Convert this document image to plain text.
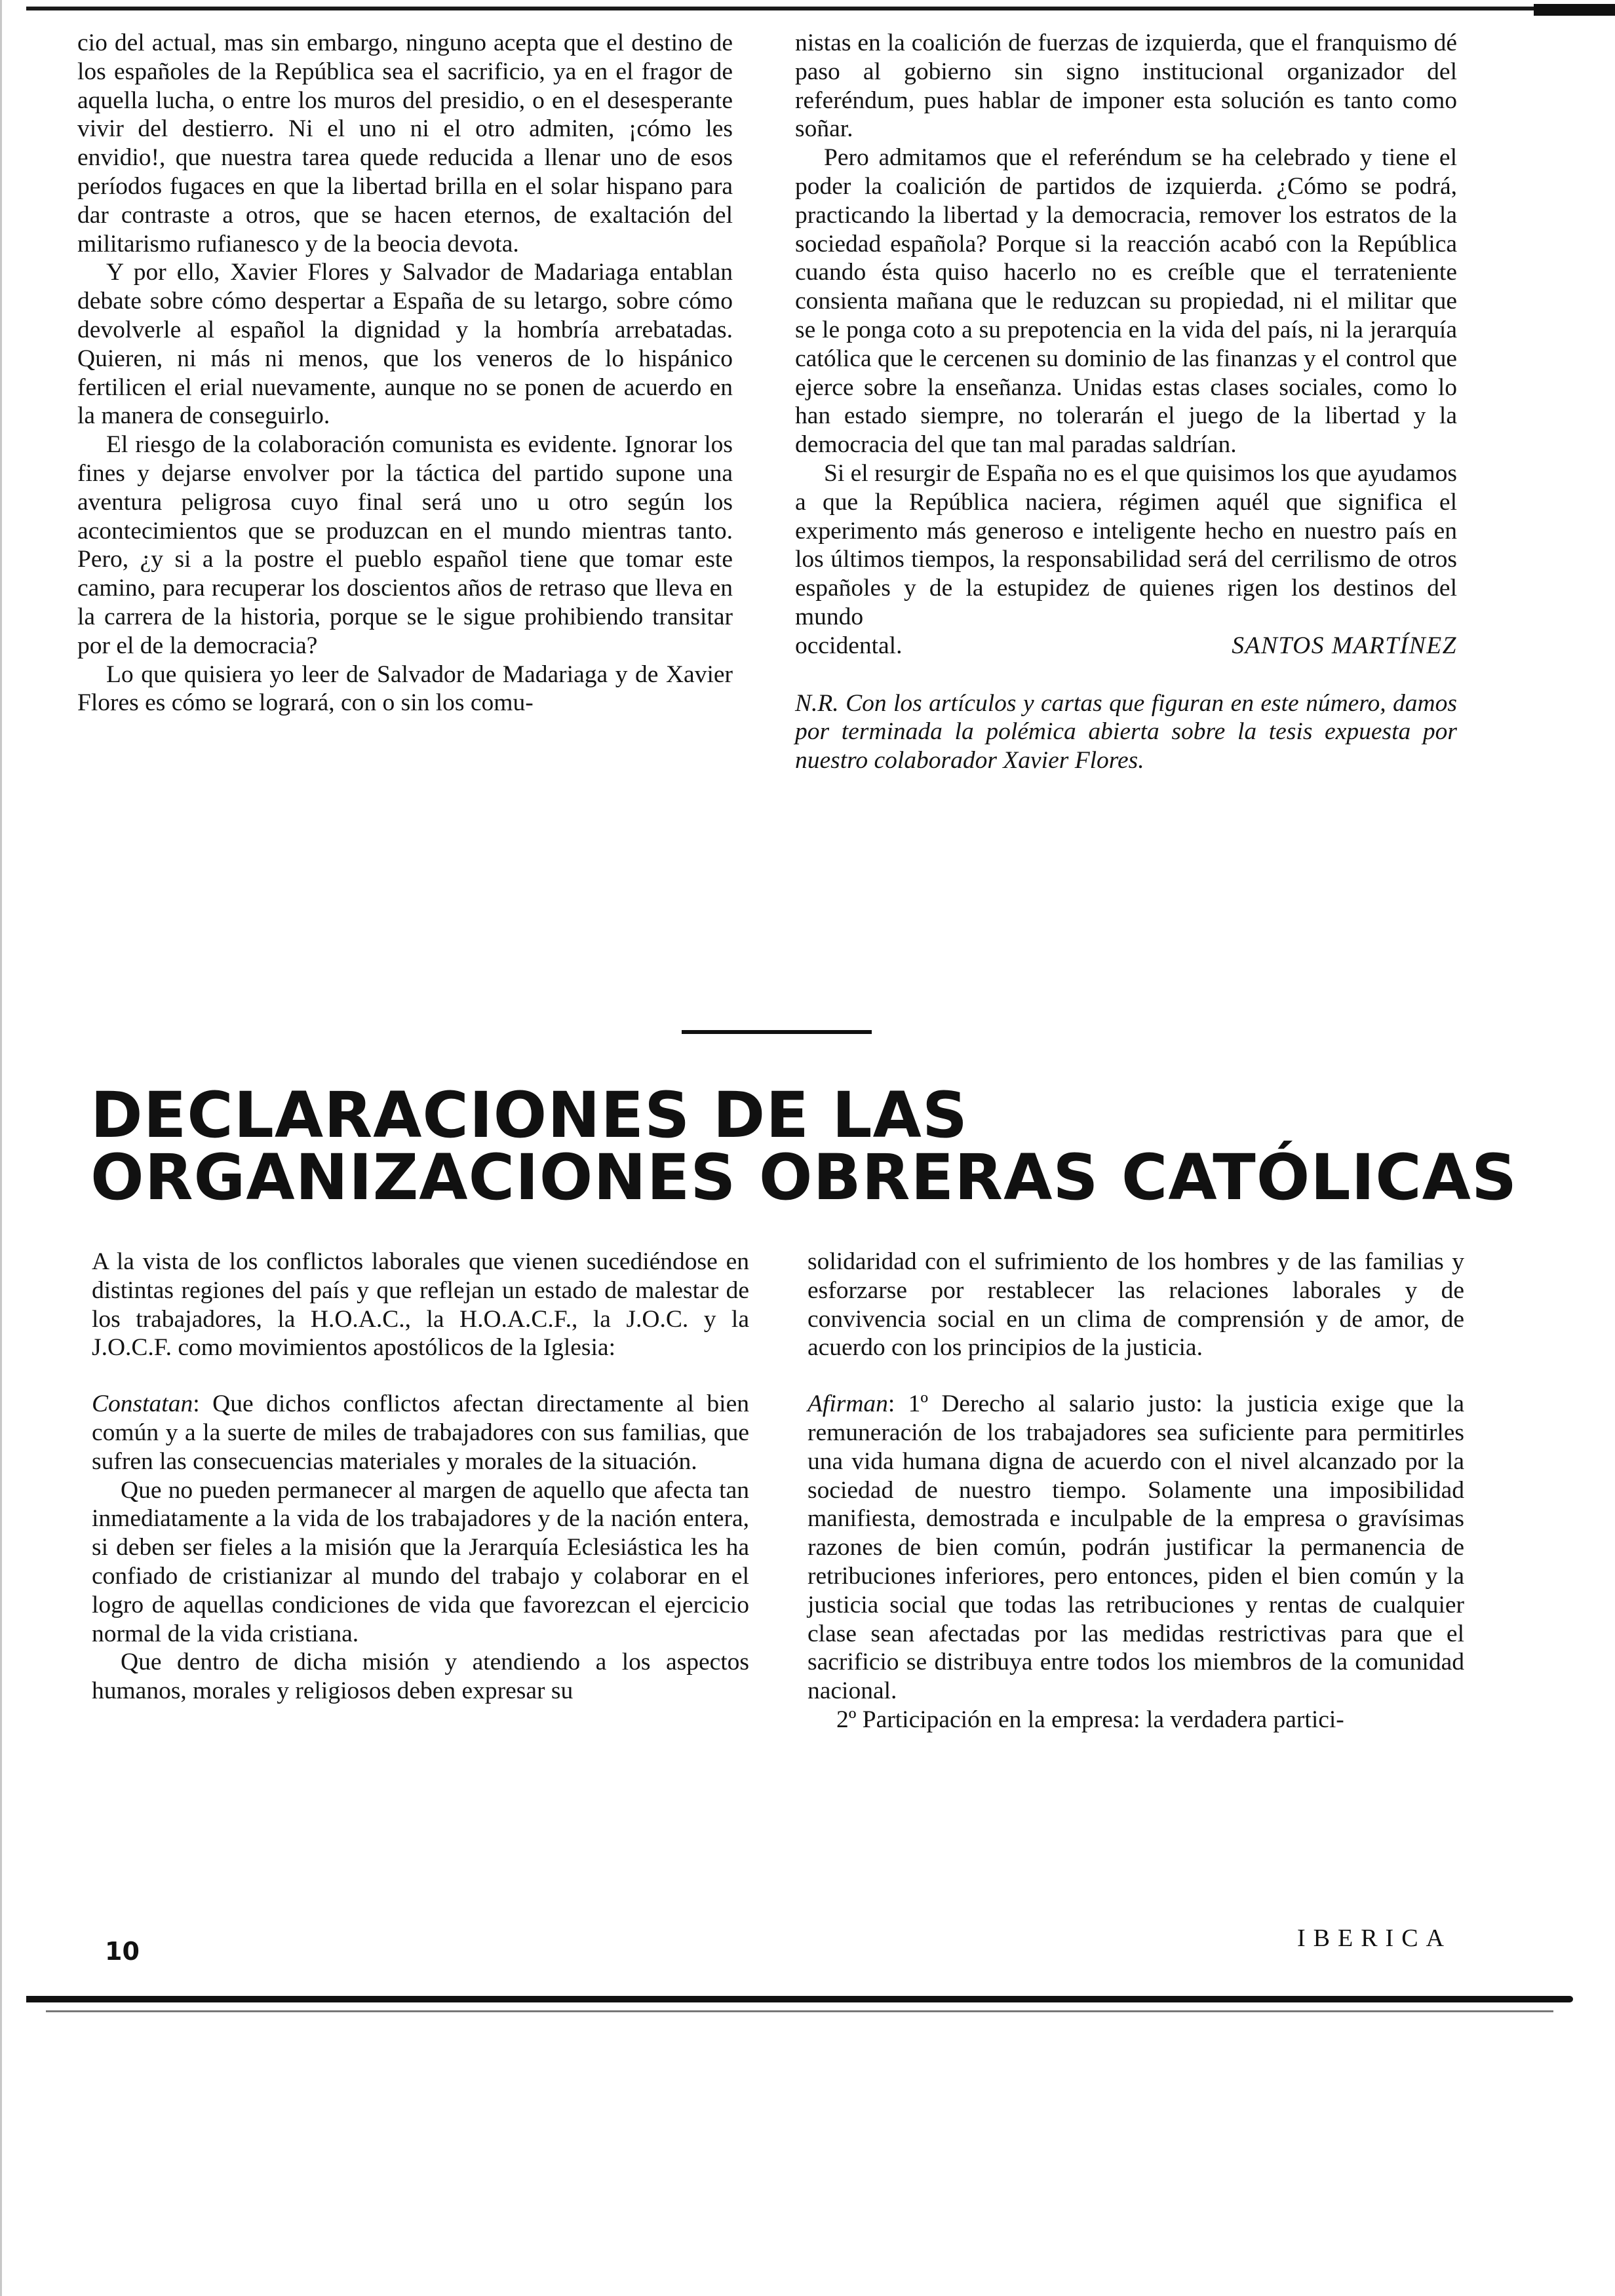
cio del actual, mas sin embargo, ninguno acepta que el destino de los españoles de la República sea el sacrificio, ya en el fragor de aquella lucha, o entre los muros del presidio, o en el desesperante vivir del destierro. Ni el uno ni el otro admiten, ¡cómo les envidio!, que nuestra tarea quede reducida a llenar uno de esos períodos fugaces en que la libertad brilla en el solar hispano para dar contraste a otros, que se hacen eternos, de exaltación del militarismo rufianesco y de la beocia devota.

Y por ello, Xavier Flores y Salvador de Madariaga entablan debate sobre cómo despertar a España de su letargo, sobre cómo devolverle al español la dignidad y la hombría arrebatadas. Quieren, ni más ni menos, que los veneros de lo hispánico fertilicen el erial nuevamente, aunque no se ponen de acuerdo en la manera de conseguirlo.

El riesgo de la colaboración comunista es evidente. Ignorar los fines y dejarse envolver por la táctica del partido supone una aventura peligrosa cuyo final será uno u otro según los acontecimientos que se produzcan en el mundo mientras tanto. Pero, ¿y si a la postre el pueblo español tiene que tomar este camino, para recuperar los doscientos años de retraso que lleva en la carrera de la historia, porque se le sigue prohibiendo transitar por el de la democracia?

Lo que quisiera yo leer de Salvador de Madariaga y de Xavier Flores es cómo se logrará, con o sin los comu-

nistas en la coalición de fuerzas de izquierda, que el franquismo dé paso al gobierno sin signo institucional organizador del referéndum, pues hablar de imponer esta solución es tanto como soñar.

Pero admitamos que el referéndum se ha celebrado y tiene el poder la coalición de partidos de izquierda. ¿Cómo se podrá, practicando la libertad y la democracia, remover los estratos de la sociedad española? Porque si la reacción acabó con la República cuando ésta quiso hacerlo no es creíble que el terrateniente consienta mañana que le reduzcan su propiedad, ni el militar que se le ponga coto a su prepotencia en la vida del país, ni la jerarquía católica que le cercenen su dominio de las finanzas y el control que ejerce sobre la enseñanza. Unidas estas clases sociales, como lo han estado siempre, no tolerarán el juego de la libertad y la democracia del que tan mal paradas saldrían.

Si el resurgir de España no es el que quisimos los que ayudamos a que la República naciera, régimen aquél que significa el experimento más generoso e inteligente hecho en nuestro país en los últimos tiempos, la responsabilidad será del cerrilismo de otros españoles y de la estupidez de quienes rigen los destinos del mundo

occidental.	SANTOS MARTÍNEZ

N.R. Con los artículos y cartas que figuran en este número, damos por terminada la polémica abierta sobre la tesis expuesta por nuestro colaborador Xavier Flores.

DECLARACIONES DE LAS
ORGANIZACIONES OBRERAS CATÓLICAS

A la vista de los conflictos laborales que vienen sucediéndose en distintas regiones del país y que reflejan un estado de malestar de los trabajadores, la H.O.A.C., la H.O.A.C.F., la J.O.C. y la J.O.C.F. como movimientos apostólicos de la Iglesia:

Constatan: Que dichos conflictos afectan directamente al bien común y a la suerte de miles de trabajadores con sus familias, que sufren las consecuencias materiales y morales de la situación.

Que no pueden permanecer al margen de aquello que afecta tan inmediatamente a la vida de los trabajadores y de la nación entera, si deben ser fieles a la misión que la Jerarquía Eclesiástica les ha confiado de cristianizar al mundo del trabajo y colaborar en el logro de aquellas condiciones de vida que favorezcan el ejercicio normal de la vida cristiana.

Que dentro de dicha misión y atendiendo a los aspectos humanos, morales y religiosos deben expresar su

solidaridad con el sufrimiento de los hombres y de las familias y esforzarse por restablecer las relaciones laborales y de convivencia social en un clima de comprensión y de amor, de acuerdo con los principios de la justicia.

Afirman: 1º Derecho al salario justo: la justicia exige que la remuneración de los trabajadores sea suficiente para permitirles una vida humana digna de acuerdo con el nivel alcanzado por la sociedad de nuestro tiempo. Solamente una imposibilidad manifiesta, demostrada e inculpable de la empresa o gravísimas razones de bien común, podrán justificar la permanencia de retribuciones inferiores, pero entonces, piden el bien común y la justicia social que todas las retribuciones y rentas de cualquier clase sean afectadas por las medidas restrictivas para que el sacrificio se distribuya entre todos los miembros de la comunidad nacional.

2º Participación en la empresa: la verdadera partici-

10	IBERICA
